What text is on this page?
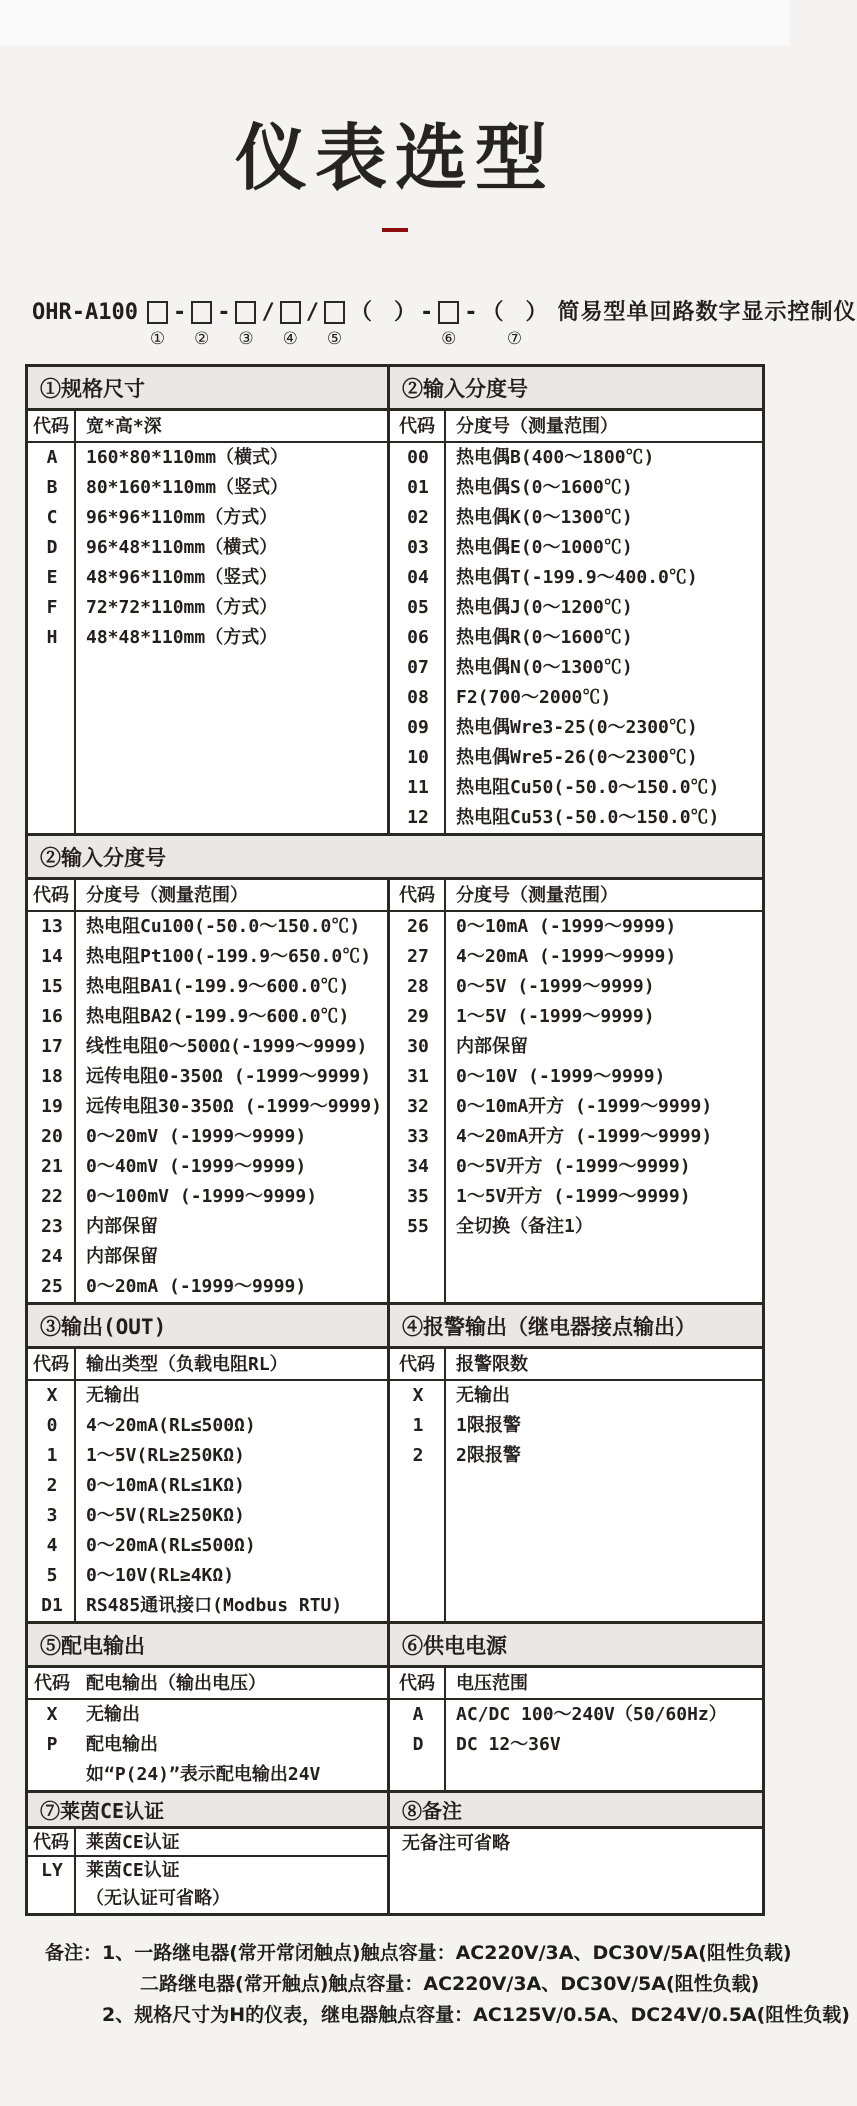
仪表选型
OHR-A100
①
-
②
-
③
/
④
/
⑤
（　） -
⑥
- （　）
⑦
简易型单回路数字显示控制仪
①规格尺寸
代码 宽*高*深
A	160*80*110mm（横式）
B	80*160*110mm（竖式）
C	96*96*110mm（方式）
D	96*48*110mm（横式）
E	48*96*110mm（竖式）
F	72*72*110mm（方式）
H	48*48*110mm（方式）
②输入分度号
代码	分度号（测量范围）
00	热电偶B(400～1800℃)
01	热电偶S(0～1600℃)
02	热电偶K(0～1300℃)
03	热电偶E(0～1000℃)
04	热电偶T(-199.9～400.0℃)
05	热电偶J(0～1200℃)
06	热电偶R(0～1600℃)
07	热电偶N(0～1300℃)
08	F2(700～2000℃)
09	热电偶Wre3-25(0～2300℃)
10	热电偶Wre5-26(0～2300℃)
11	热电阻Cu50(-50.0～150.0℃)
12	热电阻Cu53(-50.0～150.0℃)
②输入分度号
代码 分度号（测量范围）
13	热电阻Cu100(-50.0～150.0℃)
14	热电阻Pt100(-199.9～650.0℃)
15	热电阻BA1(-199.9～600.0℃)
16	热电阻BA2(-199.9～600.0℃)
17	线性电阻0～500Ω(-1999～9999)
18	远传电阻0-350Ω (-1999～9999)
19	远传电阻30-350Ω (-1999～9999)
20	0～20mV (-1999～9999)
21	0～40mV (-1999～9999)
22	0～100mV (-1999～9999)
23	内部保留
24	内部保留
25	0～20mA (-1999～9999)
代码	分度号（测量范围）
26	0～10mA (-1999～9999)
27	4～20mA (-1999～9999)
28	0～5V (-1999～9999)
29	1～5V (-1999～9999)
30	内部保留
31	0～10V (-1999～9999)
32	0～10mA开方 (-1999～9999)
33	4～20mA开方 (-1999～9999)
34	0～5V开方 (-1999～9999)
35	1～5V开方 (-1999～9999)
55	全切换（备注1）
③输出(OUT)
代码 输出类型（负载电阻RL）
X	无输出
0	4～20mA(RL≤500Ω)
1	1～5V(RL≥250KΩ)
2	0～10mA(RL≤1KΩ)
3	0～5V(RL≥250KΩ)
4	0～20mA(RL≤500Ω)
5	0～10V(RL≥4KΩ)
D1	RS485通讯接口(Modbus RTU)
④报警输出（继电器接点输出）
代码	报警限数
X	无输出
1	1限报警
2	2限报警
⑤配电输出
代码 配电输出（输出电压）
X	无输出
P	配电输出
如“P(24)”表示配电输出24V
⑥供电电源
代码	电压范围
A	AC/DC 100～240V（50/60Hz）
D	DC 12～36V
⑦莱茵CE认证
代码 莱茵CE认证
LY	莱茵CE认证
（无认证可省略）
⑧备注
无备注可省略
备注： 1、一路继电器(常开常闭触点)触点容量：AC220V/3A、DC30V/5A(阻性负载)
二路继电器(常开触点)触点容量：AC220V/3A、DC30V/5A(阻性负载)
2、规格尺寸为H的仪表，继电器触点容量：AC125V/0.5A、DC24V/0.5A(阻性负载)
